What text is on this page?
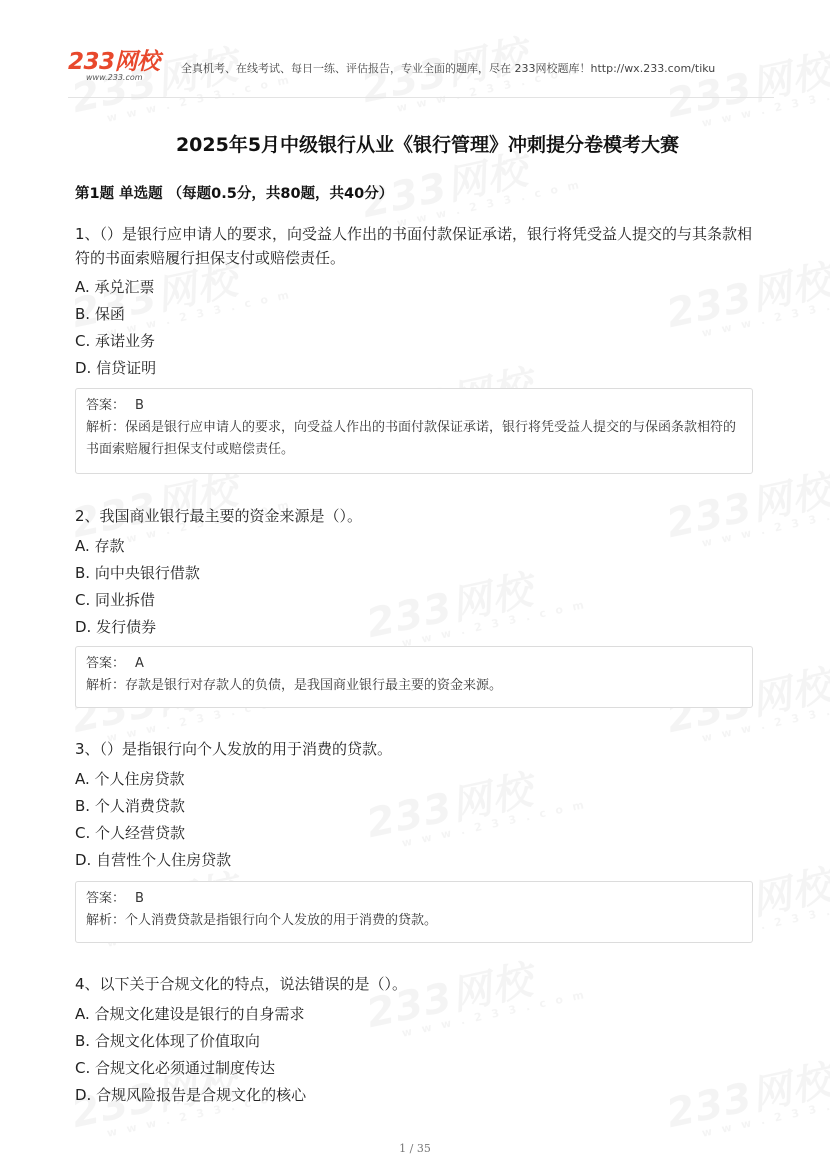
233网校
www.233.com
全真机考、在线考试、每日一练、评估报告，专业全面的题库，尽在 233网校题库！http://wx.233.com/tiku
2025年5月中级银行从业《银行管理》冲刺提分卷模考大赛
第1题 单选题 （每题0.5分，共80题，共40分）
1、（）是银行应申请人的要求，向受益人作出的书面付款保证承诺，银行将凭受益人提交的与其条款相符的书面索赔履行担保支付或赔偿责任。
A. 承兑汇票
B. 保函
C. 承诺业务
D. 信贷证明
答案： B
解析：保函是银行应申请人的要求，向受益人作出的书面付款保证承诺，银行将凭受益人提交的与保函条款相符的书面索赔履行担保支付或赔偿责任。
2、我国商业银行最主要的资金来源是（）。
A. 存款
B. 向中央银行借款
C. 同业拆借
D. 发行债券
答案： A
解析：存款是银行对存款人的负债，是我国商业银行最主要的资金来源。
3、（）是指银行向个人发放的用于消费的贷款。
A. 个人住房贷款
B. 个人消费贷款
C. 个人经营贷款
D. 自营性个人住房贷款
答案： B
解析：个人消费贷款是指银行向个人发放的用于消费的贷款。
4、以下关于合规文化的特点，说法错误的是（）。
A. 合规文化建设是银行的自身需求
B. 合规文化体现了价值取向
C. 合规文化必须通过制度传达
D. 合规风险报告是合规文化的核心
1 / 35
